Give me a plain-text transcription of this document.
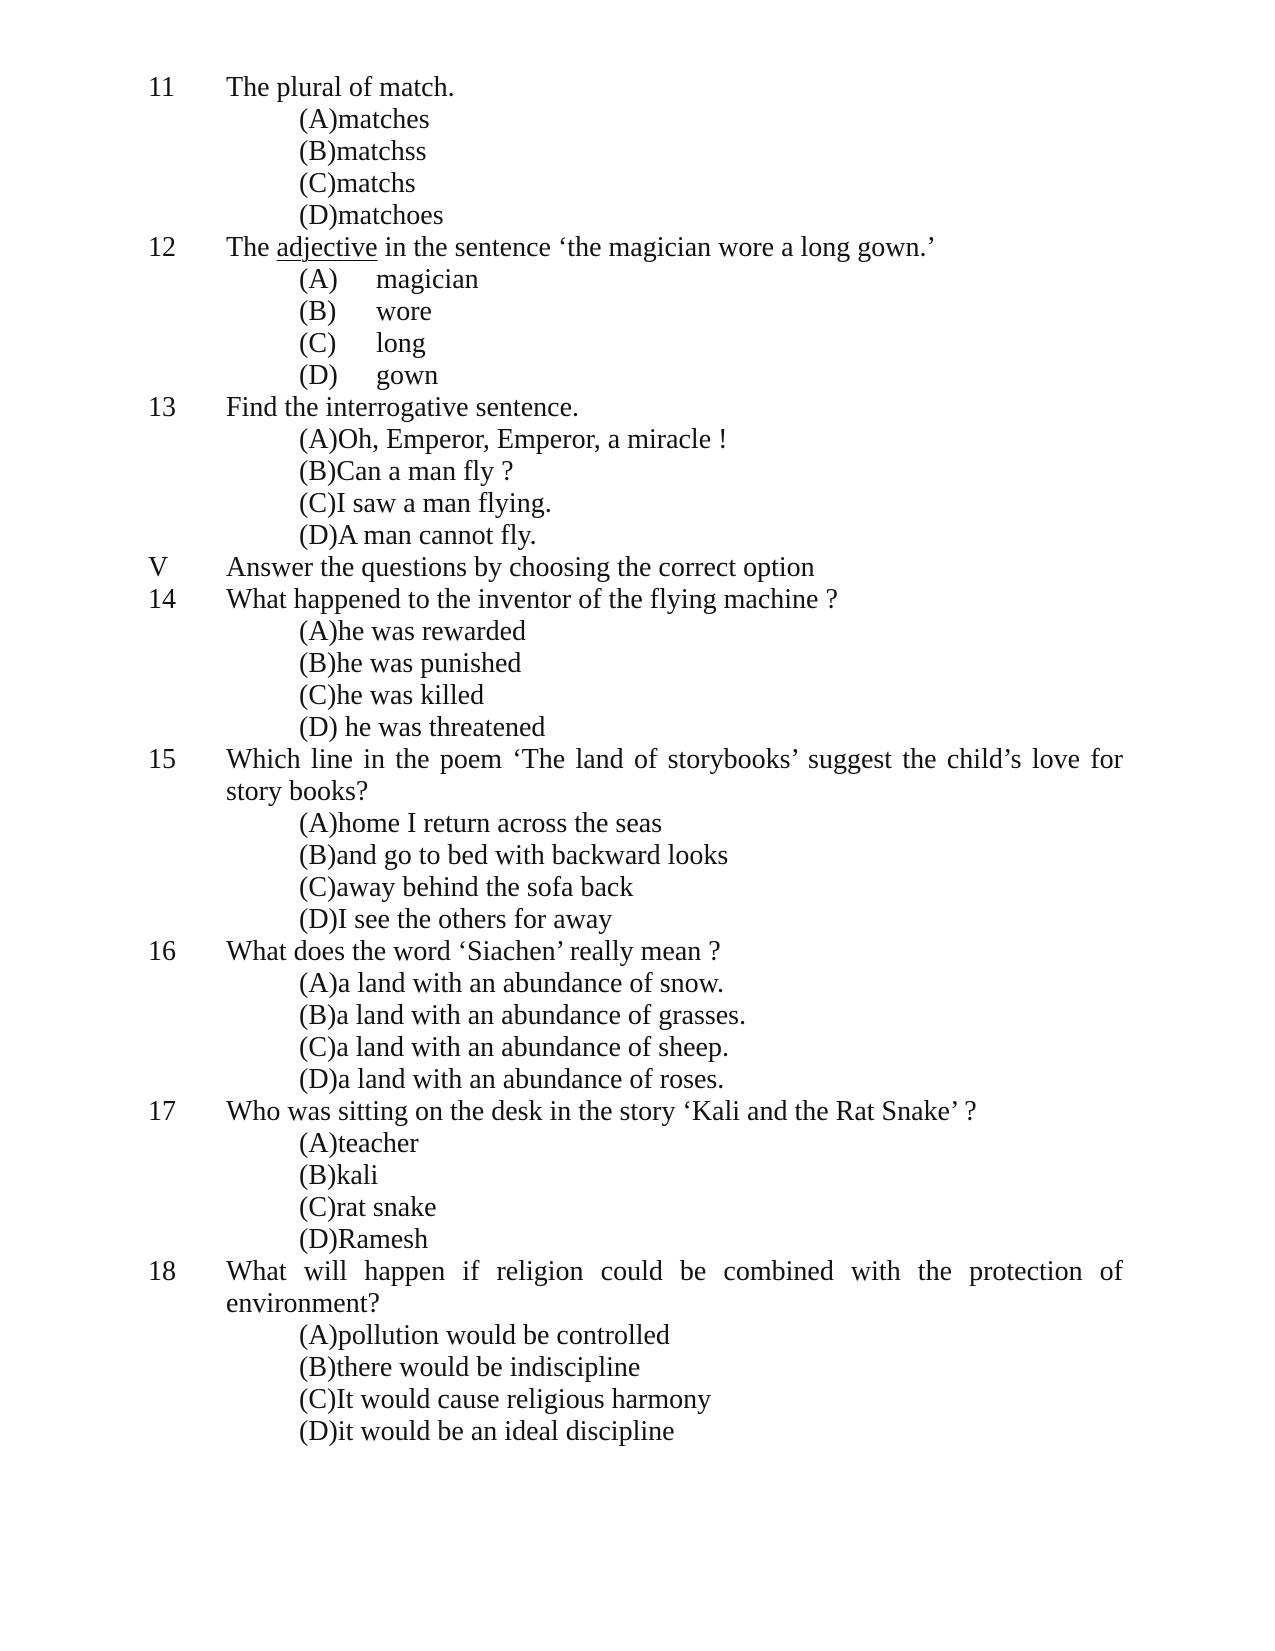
11 The plural of match.
(A)matches
(B)matchss
(C)matchs
(D)matchoes
12 The adjective in the sentence ‘the magician wore a long gown.’
(A) magician
(B) wore
(C) long
(D) gown
13 Find the interrogative sentence.
(A)Oh, Emperor, Emperor, a miracle !
(B)Can a man fly ?
(C)I saw a man flying.
(D)A man cannot fly.
V Answer the questions by choosing the correct option
14 What happened to the inventor of the flying machine ?
(A)he was rewarded
(B)he was punished
(C)he was killed
(D) he was threatened
15 Which line in the poem ‘The land of storybooks’ suggest the child’s love for
story books?
(A)home I return across the seas
(B)and go to bed with backward looks
(C)away behind the sofa back
(D)I see the others for away
16 What does the word ‘Siachen’ really mean ?
(A)a land with an abundance of snow.
(B)a land with an abundance of grasses.
(C)a land with an abundance of sheep.
(D)a land with an abundance of roses.
17 Who was sitting on the desk in the story ‘Kali and the Rat Snake’ ?
(A)teacher
(B)kali
(C)rat snake
(D)Ramesh
18 What will happen if religion could be combined with the protection of
environment?
(A)pollution would be controlled
(B)there would be indiscipline
(C)It would cause religious harmony
(D)it would be an ideal discipline
